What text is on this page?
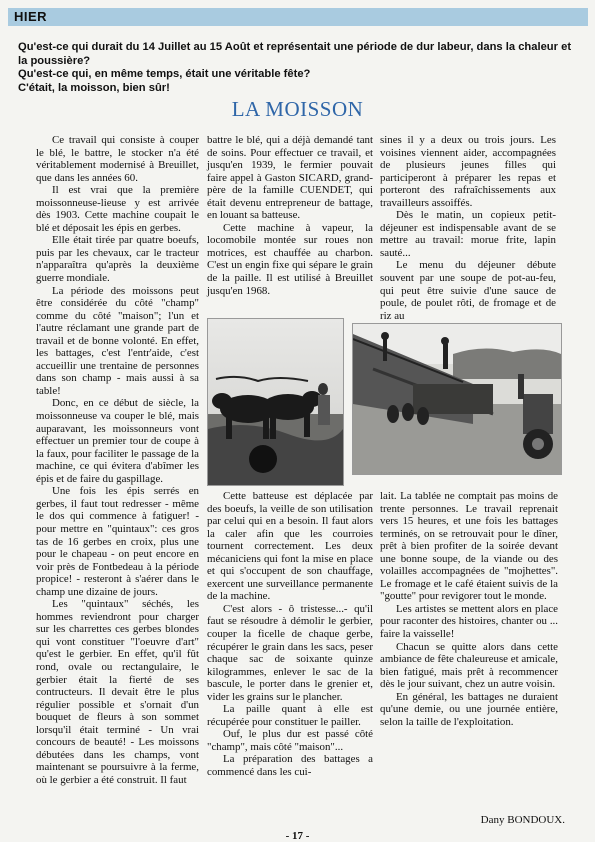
HIER
Qu'est-ce qui durait du 14 Juillet au 15 Août et représentait une période de dur labeur, dans la chaleur et la poussière?
Qu'est-ce qui, en même temps, était une véritable fête?
C'était, la moisson, bien sûr!
LA MOISSON

Ce travail qui consiste à couper le blé, le battre, le stocker n'a été véritablement modernisé à Breuillet, que dans les années 60.

Il est vrai que la première moissonneuse-lieuse y est arrivée dès 1903. Cette machine coupait le blé et déposait les épis en gerbes.

Elle était tirée par quatre boeufs, puis par les chevaux, car le tracteur n'apparaîtra qu'après la deuxième guerre mondiale.

La période des moissons peut être considérée du côté "champ" comme du côté "maison"; l'un et l'autre réclamant une grande part de travail et de bonne volonté. En effet, les battages, c'est l'entr'aide, c'est accueillir une trentaine de personnes dans son champ - mais aussi à sa table!

Donc, en ce début de siècle, la moissonneuse va couper le blé, mais auparavant, les moissonneurs vont effectuer un premier tour de coupe à la faux, pour faciliter le passage de la machine, ce qui évitera d'abîmer les épis et de faire du gaspillage.

Une fois les épis serrés en gerbes, il faut tout redresser - même le dos qui commence à fatiguer! - pour mettre en "quintaux": ces gros tas de 16 gerbes en croix, plus une pour le chapeau - on peut encore en voir près de Fontbedeau à la période propice! - resteront à s'aérer dans le champ une dizaine de jours.

Les "quintaux" séchés, les hommes reviendront pour charger sur les charrettes ces gerbes blondes qui vont constituer "l'oeuvre d'art" qu'est le gerbier. En effet, qu'il fût rond, ovale ou rectangulaire, le gerbier était la fierté de ses contructeurs. Il devait être le plus régulier possible et s'ornait d'un bouquet de fleurs à son sommet lorsqu'il était terminé - Un vrai concours de beauté! - Les moissons débutées dans les champs, vont maintenant se poursuivre à la ferme, où le gerbier a été construit. Il faut

battre le blé, qui a déjà demandé tant de soins. Pour effectuer ce travail, et jusqu'en 1939, le fermier pouvait faire appel à Gaston SICARD, grand-père de la famille CUENDET, qui était devenu entrepreneur de battage, en louant sa batteuse.

Cette machine à vapeur, la locomobile montée sur roues non motrices, est chauffée au charbon. C'est un engin fixe qui sépare le grain de la paille. Il est utilisé à Breuillet jusqu'en 1968.

sines il y a deux ou trois jours. Les voisines viennent aider, accompagnées de plusieurs jeunes filles qui participeront à préparer les repas et porteront des rafraîchissements aux travailleurs assoiffés.

Dès le matin, un copieux petit-déjeuner est indispensable avant de se mettre au travail: morue frite, lapin sauté...

Le menu du déjeuner débute souvent par une soupe de pot-au-feu, qui peut être suivie d'une sauce de poule, de poulet rôti, de fromage et de riz au

Cette batteuse est déplacée par des boeufs, la veille de son utilisation par celui qui en a besoin. Il faut alors la caler afin que les courroies tournent correctement. Les deux mécaniciens qui font la mise en place et qui s'occupent de son chauffage, exercent une surveillance permanente de la machine.

C'est alors - ô tristesse...- qu'il faut se résoudre à démolir le gerbier, couper la ficelle de chaque gerbe, récupérer le grain dans les sacs, peser chaque sac de soixante quinze kilogrammes, enlever le sac de la bascule, le porter dans le grenier et, vider les grains sur le plancher.

La paille quant à elle est récupérée pour constituer le pailler.

Ouf, le plus dur est passé côté "champ", mais côté "maison"...

La préparation des battages a commencé dans les cui-

lait. La tablée ne comptait pas moins de trente personnes. Le travail reprenait vers 15 heures, et une fois les battages terminés, on se retrouvait pour le dîner, prêt à bien profiter de la soirée devant une bonne soupe, de la viande ou des volailles accompagnées de "mojhettes". Le fromage et le café étaient suivis de la "goutte" pour revigorer tout le monde.

Les artistes se mettent alors en place pour raconter des histoires, chanter ou ... faire la vaisselle!

Chacun se quitte alors dans cette ambiance de fête chaleureuse et amicale, bien fatigué, mais prêt à recommencer dès le jour suivant, chez un autre voisin.

En général, les battages ne duraient qu'une demie, ou une journée entière, selon la taille de l'exploitation.

Dany BONDOUX.
- 17 -
